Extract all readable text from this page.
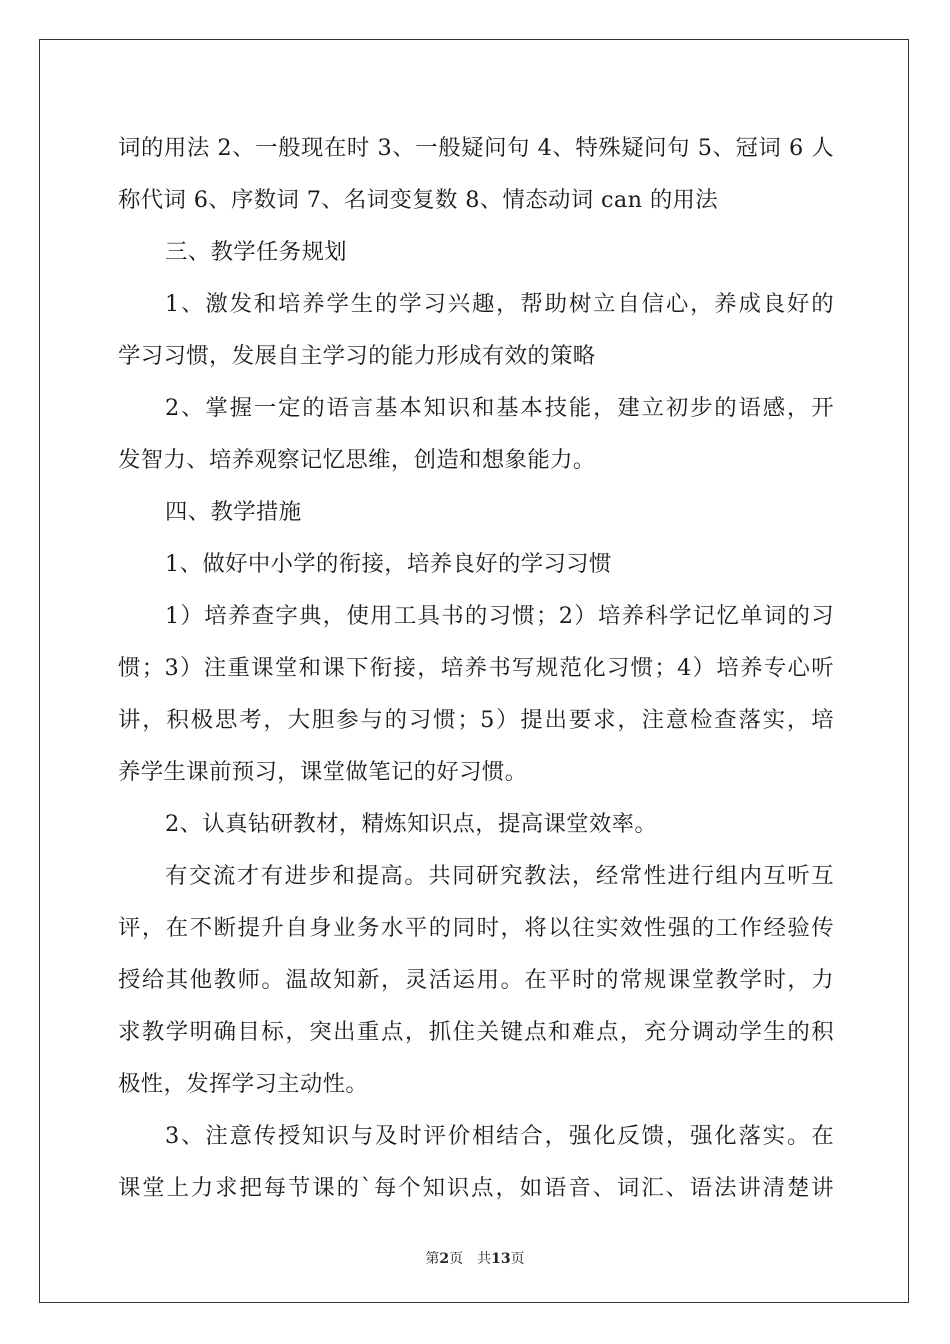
词的用法 2、一般现在时 3、一般疑问句 4、特殊疑问句 5、冠词 6 人
称代词 6、序数词 7、名词变复数 8、情态动词 can 的用法
三、教学任务规划
1、激发和培养学生的学习兴趣，帮助树立自信心，养成良好的
学习习惯，发展自主学习的能力形成有效的策略
2、掌握一定的语言基本知识和基本技能，建立初步的语感，开
发智力、培养观察记忆思维，创造和想象能力。
四、教学措施
1、做好中小学的衔接，培养良好的学习习惯
1）培养查字典，使用工具书的习惯；2）培养科学记忆单词的习
惯；3）注重课堂和课下衔接，培养书写规范化习惯；4）培养专心听
讲，积极思考，大胆参与的习惯；5）提出要求，注意检查落实，培
养学生课前预习，课堂做笔记的好习惯。
2、认真钻研教材，精炼知识点，提高课堂效率。
有交流才有进步和提高。共同研究教法，经常性进行组内互听互
评，在不断提升自身业务水平的同时，将以往实效性强的工作经验传
授给其他教师。温故知新，灵活运用。在平时的常规课堂教学时，力
求教学明确目标，突出重点，抓住关键点和难点，充分调动学生的积
极性，发挥学习主动性。
3、注意传授知识与及时评价相结合，强化反馈，强化落实。在
课堂上力求把每节课的`每个知识点，如语音、词汇、语法讲清楚讲
第2页　共13页
